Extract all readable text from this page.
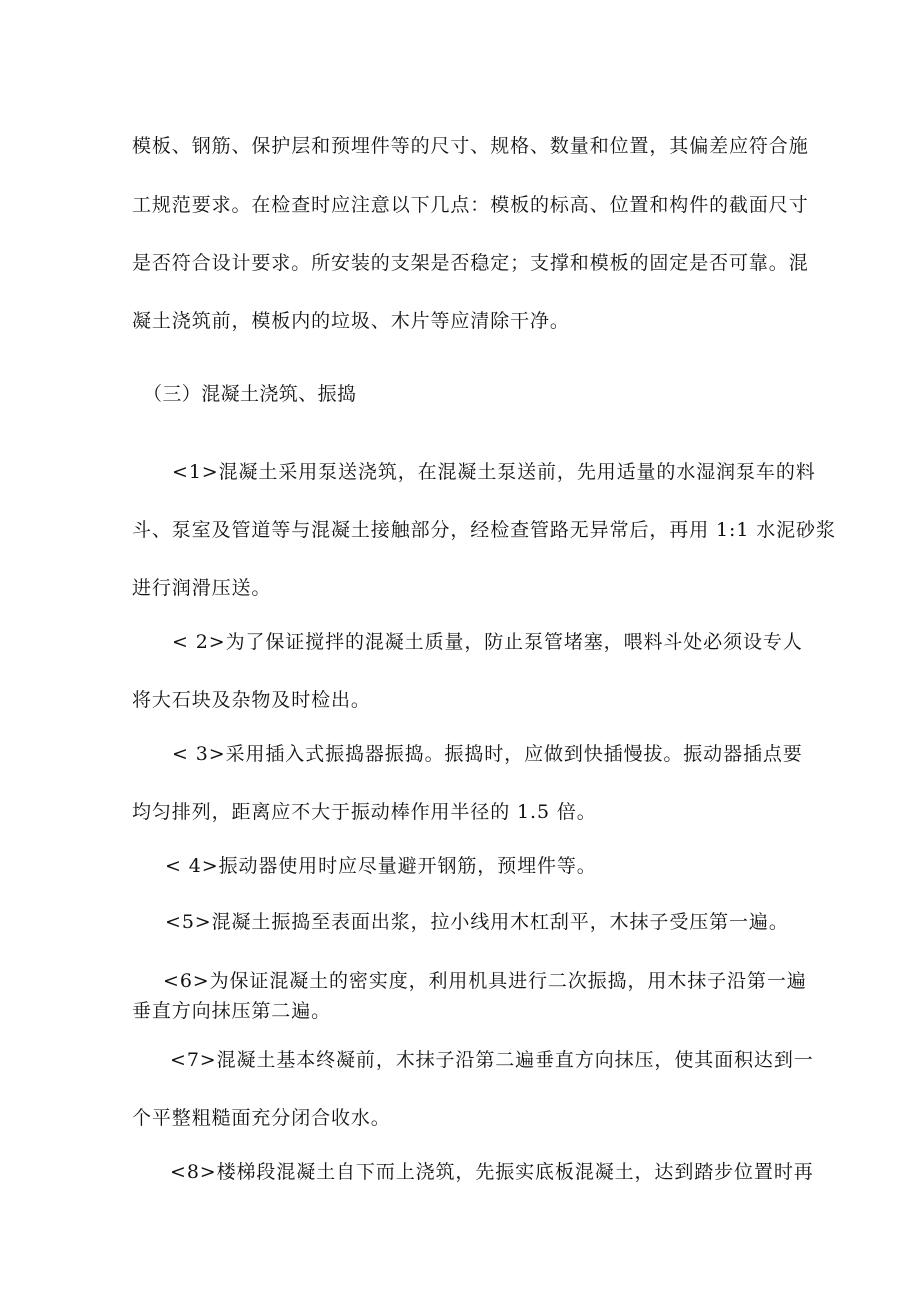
模板、钢筋、保护层和预埋件等的尺寸、规格、数量和位置，其偏差应符合施
工规范要求。在检查时应注意以下几点：模板的标高、位置和构件的截面尺寸
是否符合设计要求。所安装的支架是否稳定；支撑和模板的固定是否可靠。混
凝土浇筑前，模板内的垃圾、木片等应清除干净。
（三）混凝土浇筑、振捣
<1>混凝土采用泵送浇筑，在混凝土泵送前，先用适量的水湿润泵车的料
斗、泵室及管道等与混凝土接触部分，经检查管路无异常后，再用 1:1 水泥砂浆
进行润滑压送。
< 2>为了保证搅拌的混凝土质量，防止泵管堵塞，喂料斗处必须设专人
将大石块及杂物及时检出。
< 3>采用插入式振捣器振捣。振捣时，应做到快插慢拔。振动器插点要
均匀排列，距离应不大于振动棒作用半径的 1.5 倍。
< 4>振动器使用时应尽量避开钢筋，预埋件等。
<5>混凝土振捣至表面出浆，拉小线用木杠刮平，木抹子受压第一遍。
<6>为保证混凝土的密实度，利用机具进行二次振捣，用木抹子沿第一遍
垂直方向抹压第二遍。
<7>混凝土基本终凝前，木抹子沿第二遍垂直方向抹压，使其面积达到一
个平整粗糙面充分闭合收水。
<8>楼梯段混凝土自下而上浇筑，先振实底板混凝土，达到踏步位置时再
